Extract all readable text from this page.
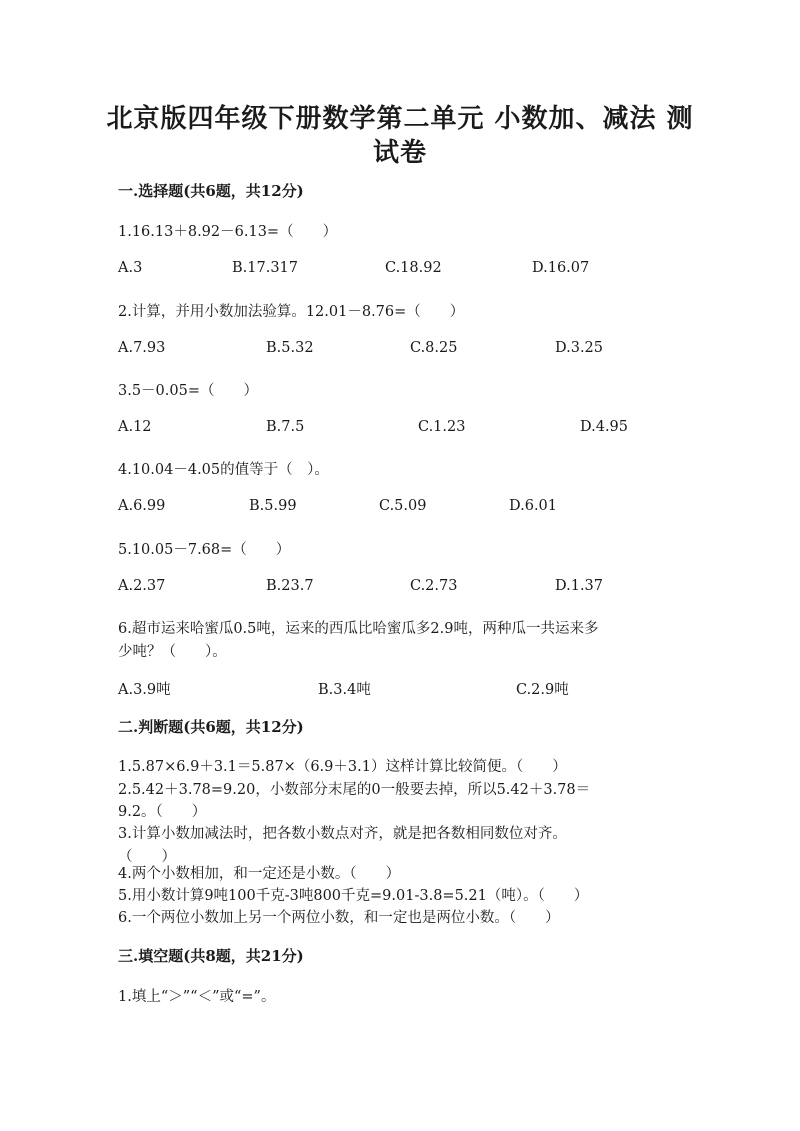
北京版四年级下册数学第二单元 小数加、减法 测
试卷
一.选择题(共6题，共12分)
1.16.13＋8.92－6.13=（　　）
A.3	B.17.317	C.18.92	D.16.07
2.计算，并用小数加法验算。12.01－8.76=（　　）
A.7.93	B.5.32	C.8.25	D.3.25
3.5－0.05=（　　）
A.12	B.7.5	C.1.23	D.4.95
4.10.04－4.05的值等于（　）。
A.6.99	B.5.99	C.5.09	D.6.01
5.10.05－7.68=（　　）
A.2.37	B.23.7	C.2.73	D.1.37
6.超市运来哈蜜瓜0.5吨，运来的西瓜比哈蜜瓜多2.9吨，两种瓜一共运来多
少吨？（　　）。
A.3.9吨	B.3.4吨	C.2.9吨
二.判断题(共6题，共12分)
1.5.87×6.9＋3.1＝5.87×（6.9＋3.1）这样计算比较简便。（　　）
2.5.42＋3.78=9.20，小数部分末尾的0一般要去掉，所以5.42＋3.78＝
9.2。（　　）
3.计算小数加减法时，把各数小数点对齐，就是把各数相同数位对齐。
（　　）
4.两个小数相加，和一定还是小数。（　　）
5.用小数计算9吨100千克-3吨800千克=9.01-3.8=5.21（吨）。（　　）
6.一个两位小数加上另一个两位小数，和一定也是两位小数。（　　）
三.填空题(共8题，共21分)
1.填上“＞”“＜”或“=”。
